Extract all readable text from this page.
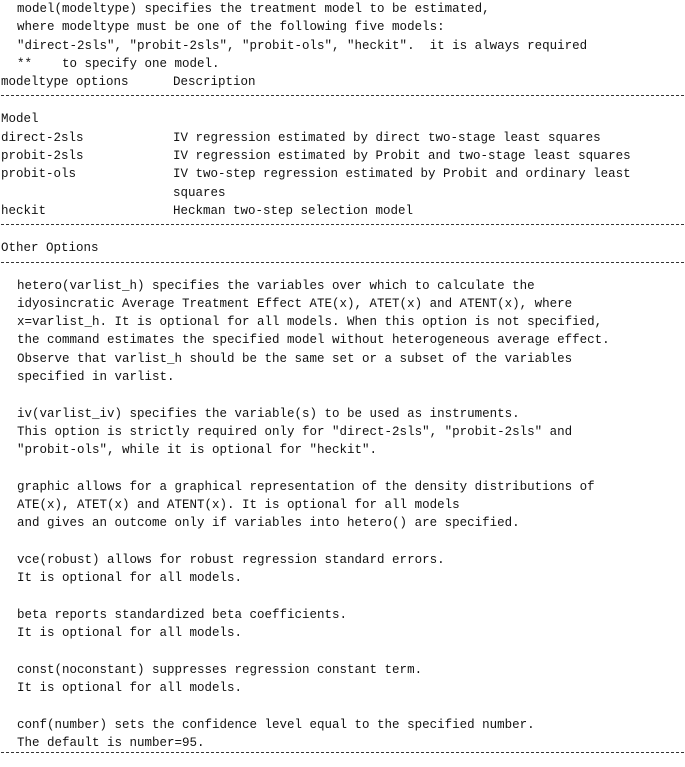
model(modeltype) specifies the treatment model to be estimated,
where modeltype must be one of the following five models:
"direct-2sls", "probit-2sls", "probit-ols", "heckit".  it is always required
**    to specify one model.
modeltype options	Description
Model
direct-2sls	IV regression estimated by direct two-stage least squares
probit-2sls	IV regression estimated by Probit and two-stage least squares
probit-ols	IV two-step regression estimated by Probit and ordinary least
squares
heckit	Heckman two-step selection model
Other Options
hetero(varlist_h) specifies the variables over which to calculate the
idyosincratic Average Treatment Effect ATE(x), ATET(x) and ATENT(x), where
x=varlist_h. It is optional for all models. When this option is not specified,
the command estimates the specified model without heterogeneous average effect.
Observe that varlist_h should be the same set or a subset of the variables
specified in varlist.
iv(varlist_iv) specifies the variable(s) to be used as instruments.
This option is strictly required only for "direct-2sls", "probit-2sls" and
"probit-ols", while it is optional for "heckit".
graphic allows for a graphical representation of the density distributions of
ATE(x), ATET(x) and ATENT(x). It is optional for all models
and gives an outcome only if variables into hetero() are specified.
vce(robust) allows for robust regression standard errors.
It is optional for all models.
beta reports standardized beta coefficients.
It is optional for all models.
const(noconstant) suppresses regression constant term.
It is optional for all models.
conf(number) sets the confidence level equal to the specified number.
The default is number=95.
